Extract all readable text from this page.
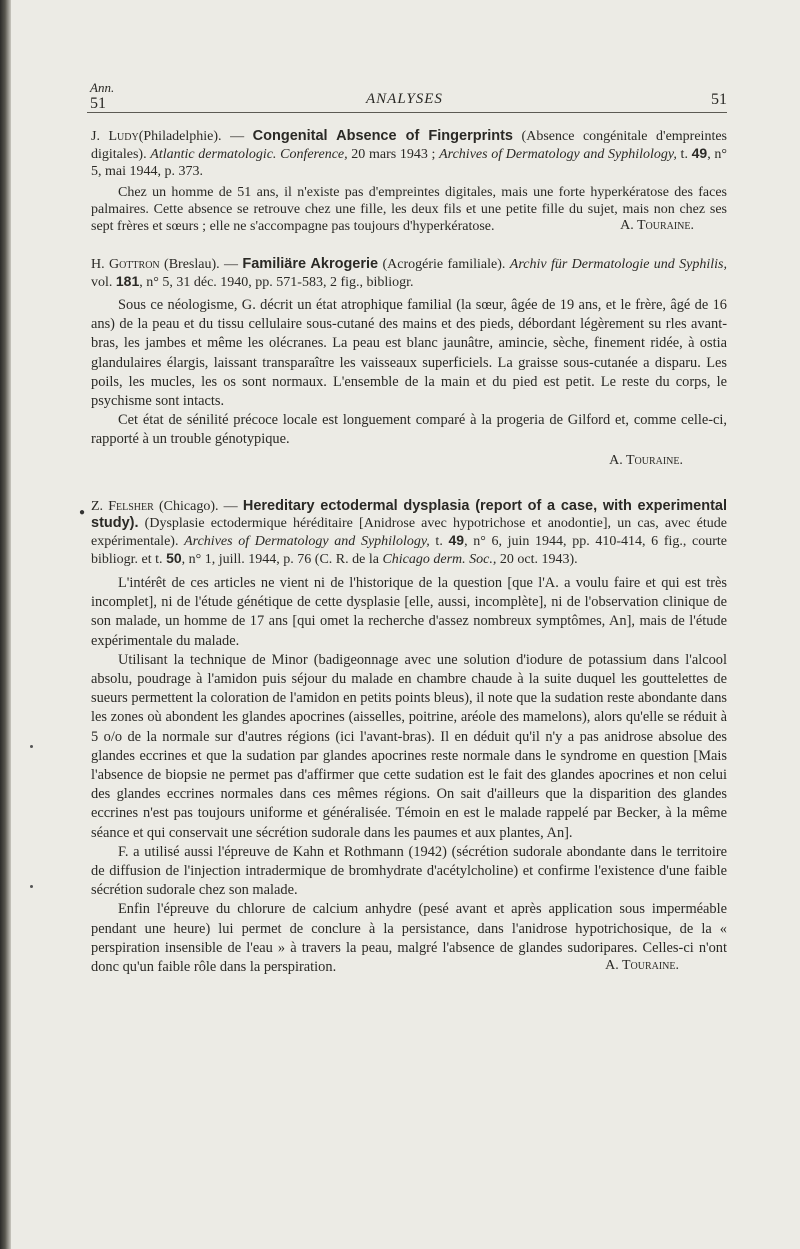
Ann.
51	ANALYSES	51
J. Ludy(Philadelphie). — Congenital Absence of Fingerprints (Absence congénitale d'empreintes digitales). Atlantic dermatologic. Conference, 20 mars 1943 ; Archives of Dermatology and Syphilology, t. 49, n° 5, mai 1944, p. 373.

Chez un homme de 51 ans, il n'existe pas d'empreintes digitales, mais une forte hyperkératose des faces palmaires. Cette absence se retrouve chez une fille, les deux fils et une petite fille du sujet, mais non chez ses sept frères et sœurs ; elle ne s'accompagne pas toujours d'hyperkératose.	A. Touraine.
H. Gottron (Breslau). — Familiäre Akrogerie (Acrogérie familiale). Archiv für Dermatologie und Syphilis, vol. 181, n° 5, 31 déc. 1940, pp. 571-583, 2 fig., bibliogr.

Sous ce néologisme, G. décrit un état atrophique familial (la sœur, âgée de 19 ans, et le frère, âgé de 16 ans) de la peau et du tissu cellulaire sous-cutané des mains et des pieds, débordant légèrement su rles avant-bras, les jambes et même les olécranes. La peau est blanc jaunâtre, amincie, sèche, finement ridée, à ostia glandulaires élargis, laissant transparaître les vaisseaux superficiels. La graisse sous-cutanée a disparu. Les poils, les mucles, les os sont normaux. L'ensemble de la main et du pied est petit. Le reste du corps, le psychisme sont intacts.

Cet état de sénilité précoce locale est longuement comparé à la progeria de Gilford et, comme celle-ci, rapporté à un trouble génotypique.

A. Touraine.
● Z. Felsher (Chicago). — Hereditary ectodermal dysplasia (report of a case, with experimental study). (Dysplasie ectodermique héréditaire [Anidrose avec hypotrichose et anodontie], un cas, avec étude expérimentale). Archives of Dermatology and Syphilology, t. 49, n° 6, juin 1944, pp. 410-414, 6 fig., courte bibliogr. et t. 50, n° 1, juill. 1944, p. 76 (C. R. de la Chicago derm. Soc., 20 oct. 1943).

L'intérêt de ces articles ne vient ni de l'historique de la question [que l'A. a voulu faire et qui est très incomplet], ni de l'étude génétique de cette dysplasie [elle, aussi, incomplète], ni de l'observation clinique de son malade, un homme de 17 ans [qui omet la recherche d'assez nombreux symptômes, An], mais de l'étude expérimentale du malade.

Utilisant la technique de Minor (badigeonnage avec une solution d'iodure de potassium dans l'alcool absolu, poudrage à l'amidon puis séjour du malade en chambre chaude à la suite duquel les gouttelettes de sueurs permettent la coloration de l'amidon en petits points bleus), il note que la sudation reste abondante dans les zones où abondent les glandes apocrines (aisselles, poitrine, aréole des mamelons), alors qu'elle se réduit à 5 o/o de la normale sur d'autres régions (ici l'avant-bras). Il en déduit qu'il n'y a pas anidrose absolue des glandes eccrines et que la sudation par glandes apocrines reste normale dans le syndrome en question [Mais l'absence de biopsie ne permet pas d'affirmer que cette sudation est le fait des glandes apocrines et non celui des glandes eccrines normales dans ces mêmes régions. On sait d'ailleurs que la disparition des glandes eccrines n'est pas toujours uniforme et généralisée. Témoin en est le malade rappelé par Becker, à la même séance et qui conservait une sécrétion sudorale dans les paumes et aux plantes, An].

F. a utilisé aussi l'épreuve de Kahn et Rothmann (1942) (sécrétion sudorale abondante dans le territoire de diffusion de l'injection intradermique de bromhydrate d'acétylcholine) et confirme l'existence d'une faible sécrétion sudorale chez son malade.

Enfin l'épreuve du chlorure de calcium anhydre (pesé avant et après application sous imperméable pendant une heure) lui permet de conclure à la persistance, dans l'anidrose hypotrichosique, de la « perspiration insensible de l'eau » à travers la peau, malgré l'absence de glandes sudoripares. Celles-ci n'ont donc qu'un faible rôle dans la perspiration.	A. Touraine.
